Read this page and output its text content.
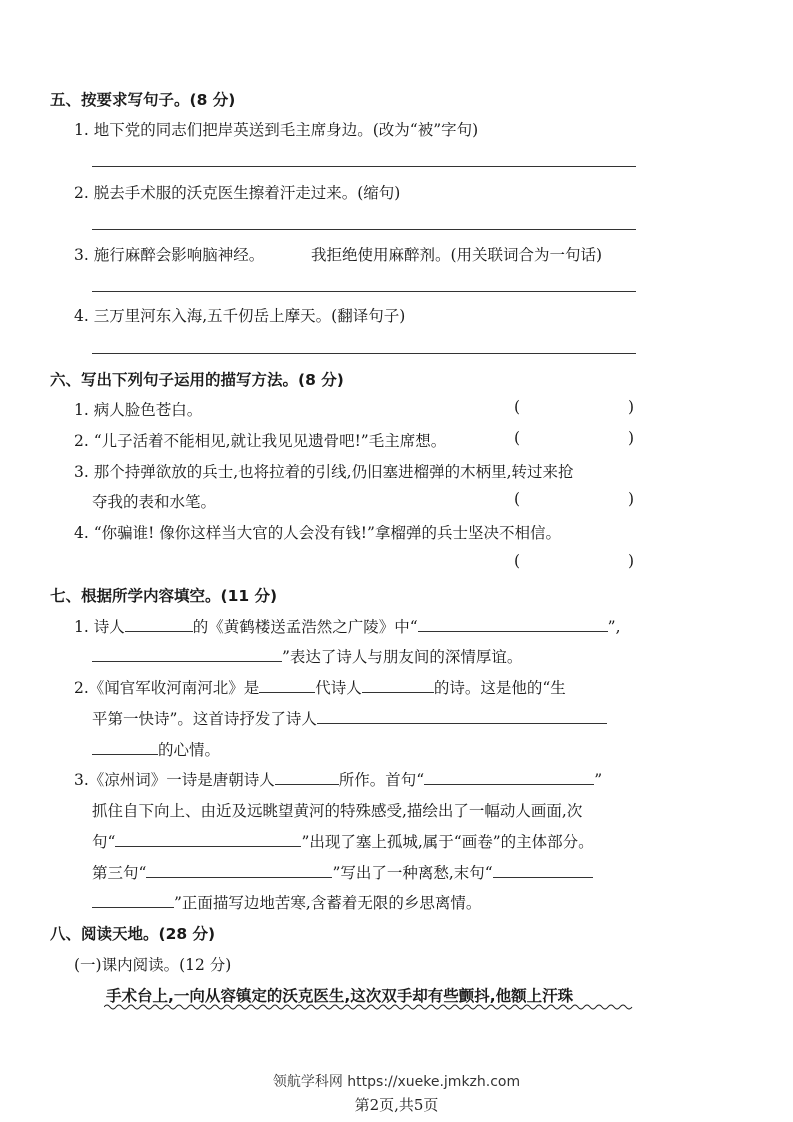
五、按要求写句子。(8 分)
1. 地下党的同志们把岸英送到毛主席身边。(改为“被”字句)
2. 脱去手术服的沃克医生擦着汗走过来。(缩句)
3. 施行麻醉会影响脑神经。	我拒绝使用麻醉剂。(用关联词合为一句话)
4. 三万里河东入海,五千仞岳上摩天。(翻译句子)
六、写出下列句子运用的描写方法。(8 分)
1. 病人脸色苍白。	(	)
2. “儿子活着不能相见,就让我见见遗骨吧!”毛主席想。	(	)
3. 那个持弹欲放的兵士,也将拉着的引线,仍旧塞进榴弹的木柄里,转过来抢
夺我的表和水笔。	(	)
4. “你骗谁! 像你这样当大官的人会没有钱!”拿榴弹的兵士坚决不相信。
(	)
七、根据所学内容填空。(11 分)
1. 诗人	的《黄鹤楼送孟浩然之广陵》中“	”,
”表达了诗人与朋友间的深情厚谊。
2.《闻官军收河南河北》是	代诗人	的诗。这是他的“生
平第一快诗”。这首诗抒发了诗人
的心情。
3.《凉州词》一诗是唐朝诗人	所作。首句“	”
抓住自下向上、由近及远眺望黄河的特殊感受,描绘出了一幅动人画面,次
句“	”出现了塞上孤城,属于“画卷”的主体部分。
第三句“	”写出了一种离愁,末句“
”正面描写边地苦寒,含蓄着无限的乡思离情。
八、阅读天地。(28 分)
(一)课内阅读。(12 分)
手术台上,一向从容镇定的沃克医生,这次双手却有些颤抖,他额上汗珠
领航学科网 https://xueke.jmkzh.com
第2页,共5页
